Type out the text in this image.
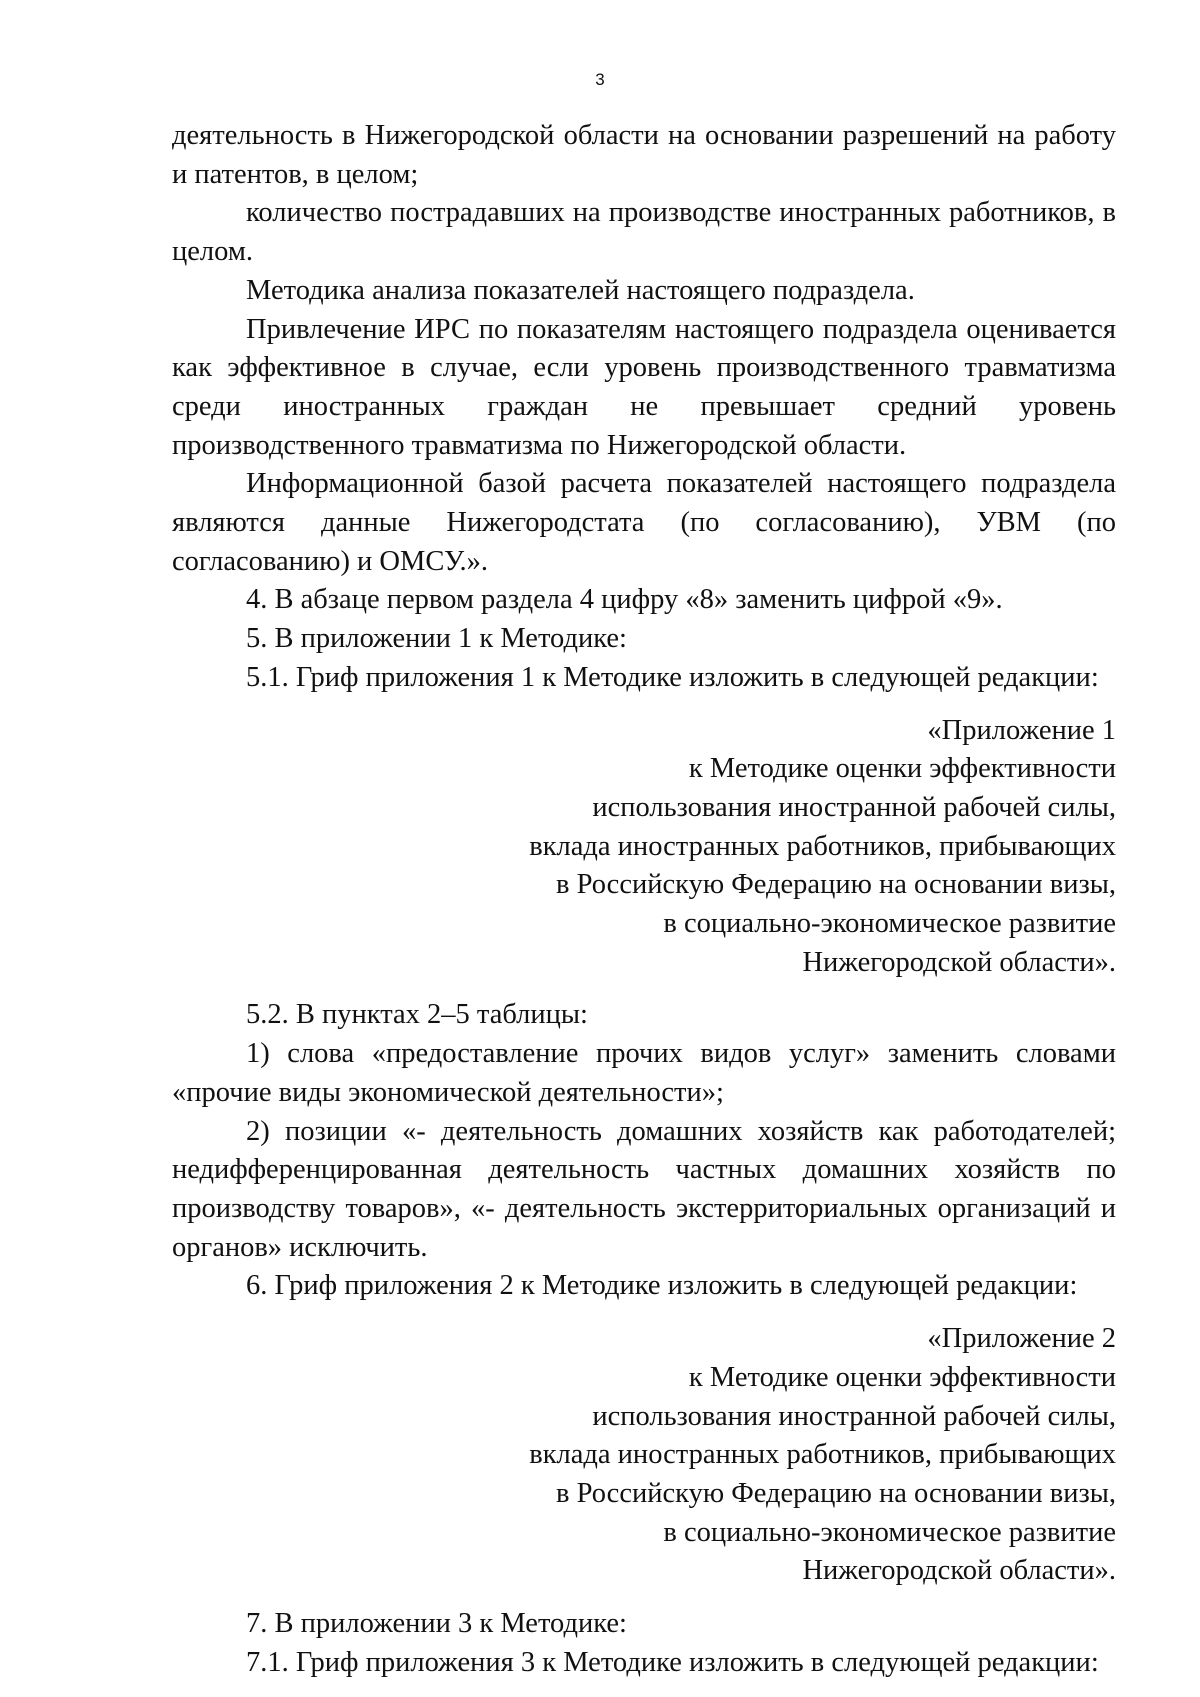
3

деятельность в Нижегородской области на основании разрешений на работу и патентов, в целом;

количество пострадавших на производстве иностранных работников, в целом.

Методика анализа показателей настоящего подраздела.

Привлечение ИРС по показателям настоящего подраздела оценивается как эффективное в случае, если уровень производственного травматизма среди иностранных граждан не превышает средний уровень производственного травматизма по Нижегородской области.

Информационной базой расчета показателей настоящего подраздела являются данные Нижегородстата (по согласованию), УВМ (по согласованию) и ОМСУ.».

4. В абзаце первом раздела 4 цифру «8» заменить цифрой «9».

5. В приложении 1 к Методике:

5.1. Гриф приложения 1 к Методике изложить в следующей редакции:

«Приложение 1
к Методике оценки эффективности
использования иностранной рабочей силы,
вклада иностранных работников, прибывающих
в Российскую Федерацию на основании визы,
в социально-экономическое развитие
Нижегородской области».

5.2. В пунктах 2–5 таблицы:

1) слова «предоставление прочих видов услуг» заменить словами «прочие виды экономической деятельности»;

2) позиции «- деятельность домашних хозяйств как работодателей; недифференцированная деятельность частных домашних хозяйств по производству товаров», «- деятельность экстерриториальных организаций и органов» исключить.

6. Гриф приложения 2 к Методике изложить в следующей редакции:

«Приложение 2
к Методике оценки эффективности
использования иностранной рабочей силы,
вклада иностранных работников, прибывающих
в Российскую Федерацию на основании визы,
в социально-экономическое развитие
Нижегородской области».

7. В приложении 3 к Методике:

7.1. Гриф приложения 3 к Методике изложить в следующей редакции:
